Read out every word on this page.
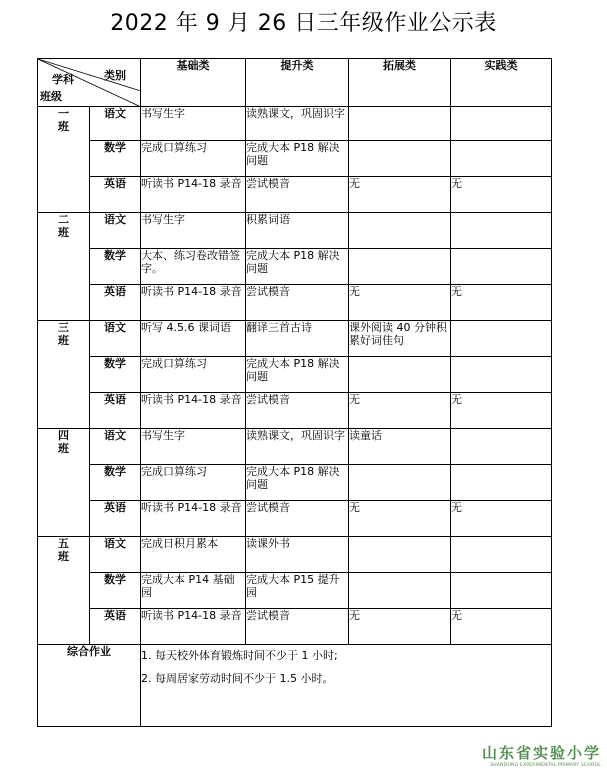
2022 年 9 月 26 日三年级作业公示表
类别
学科
班级		基础类	提升类	拓展类	实践类
一
班	语文	书写生字	读熟课文，巩固识字		
	数学	完成口算练习	完成大本 P18 解决问题		
	英语	听读书 P14-18 录音	尝试模音	无	无
二
班	语文	书写生字	积累词语		
	数学	大本、练习卷改错签字。	完成大本 P18 解决问题		
	英语	听读书 P14-18 录音	尝试模音	无	无
三
班	语文	听写 4.5.6 课词语	翻译三首古诗	课外阅读 40 分钟积累好词佳句	
	数学	完成口算练习	完成大本 P18 解决问题		
	英语	听读书 P14-18 录音	尝试模音	无	无
四
班	语文	书写生字	读熟课文，巩固识字	读童话	
	数学	完成口算练习	完成大本 P18 解决问题		
	英语	听读书 P14-18 录音	尝试模音	无	无
五
班	语文	完成日积月累本	读课外书		
	数学	完成大本 P14 基础园	完成大本 P15 提升园		
	英语	听读书 P14-18 录音	尝试模音	无	无
综合作业		1. 每天校外体育锻炼时间不少于 1 小时;
2. 每周居家劳动时间不少于 1.5 小时。			
山东省实验小学
SHANDONG EXPERIMENTAL PRIMARY SCHOOL
